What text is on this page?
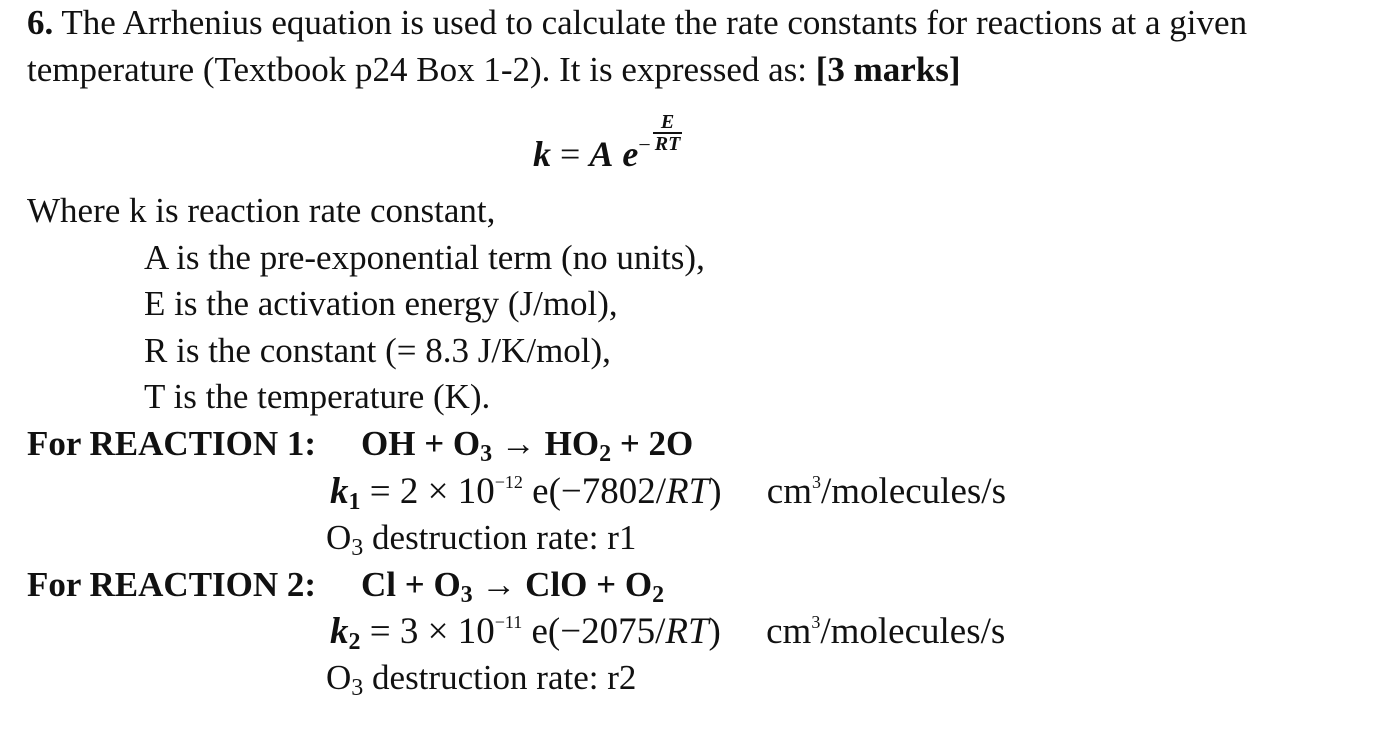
6. The Arrhenius equation is used to calculate the rate constants for reactions at a given
temperature (Textbook p24 Box 1-2). It is expressed as: [3 marks]
k = A $e^- \frac{E}{RT}$
Where k is reaction rate constant,
A is the pre-exponential term (no units),
E is the activation energy (J/mol),
R is the constant (= 8.3 J/K/mol),
T is the temperature (K).
For REACTION 1: OH + $O_3 \to HO_2 + 2O$
$k_1 = 2 \times 10^{-12}$ e(−7802/RT) $cm^3/molecules/s$
$O_3$ destruction rate: r1
For REACTION 2: $Cl + O_3$ → ClO + $O_2$
$k_2 = 3 \times 10^{-11}$ e(−2075/RT) $cm^3/molecules/s$
$O_3$ destruction rate: r2
